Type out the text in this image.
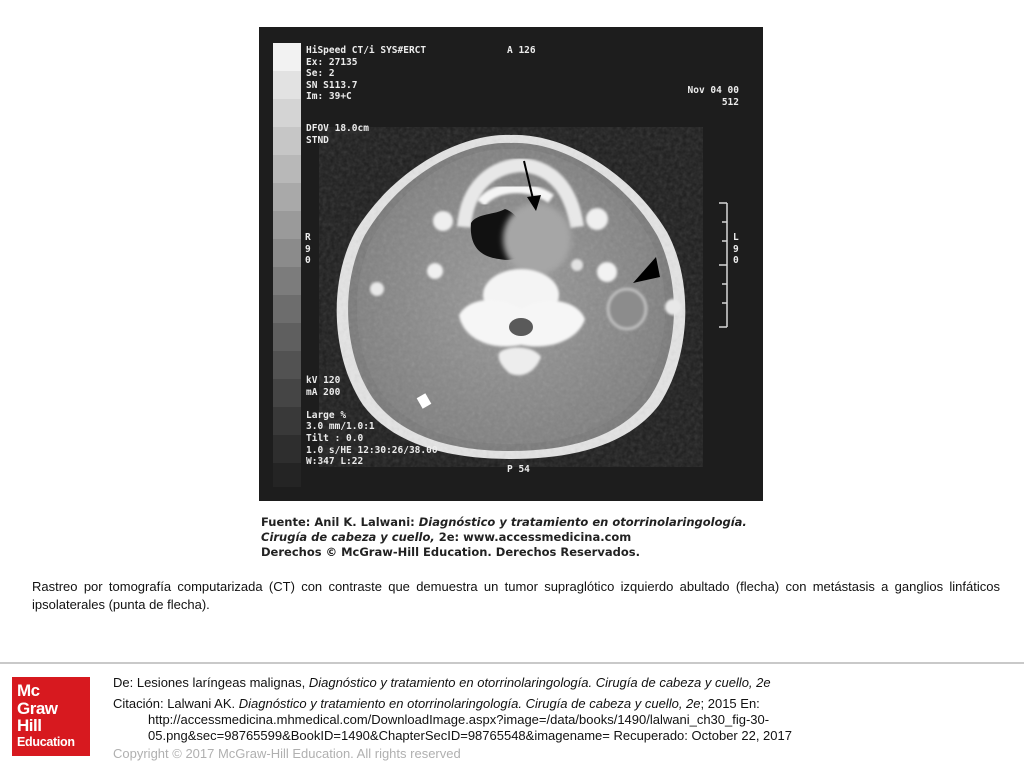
HiSpeed CT/i SYS#ERCT
Ex: 27135
Se: 2
SN S113.7
Im: 39+C
A 126
Nov 04 00
512
DFOV 18.0cm
STND
R
9
0
L
9
0
kV 120
mA 200

Large %
3.0 mm/1.0:1
Tilt : 0.0
1.0 s/HE 12:30:26/38.00
W:347 L:22
P 54
Fuente: Anil K. Lalwani: Diagnóstico y tratamiento en otorrinolaringología.
Cirugía de cabeza y cuello, 2e: www.accessmedicina.com
Derechos © McGraw-Hill Education. Derechos Reservados.
Rastreo por tomografía computarizada (CT) con contraste que demuestra un tumor supraglótico izquierdo abultado (flecha) con metástasis a ganglios linfáticos ipsolaterales (punta de flecha).
Mc
Graw
Hill
Education
De: Lesiones laríngeas malignas, Diagnóstico y tratamiento en otorrinolaringología. Cirugía de cabeza y cuello, 2e
Citación: Lalwani AK. Diagnóstico y tratamiento en otorrinolaringología. Cirugía de cabeza y cuello, 2e; 2015 En:
http://accessmedicina.mhmedical.com/DownloadImage.aspx?image=/data/books/1490/lalwani_ch30_fig-30-
05.png&sec=98765599&BookID=1490&ChapterSecID=98765548&imagename= Recuperado: October 22, 2017
Copyright © 2017 McGraw-Hill Education. All rights reserved
